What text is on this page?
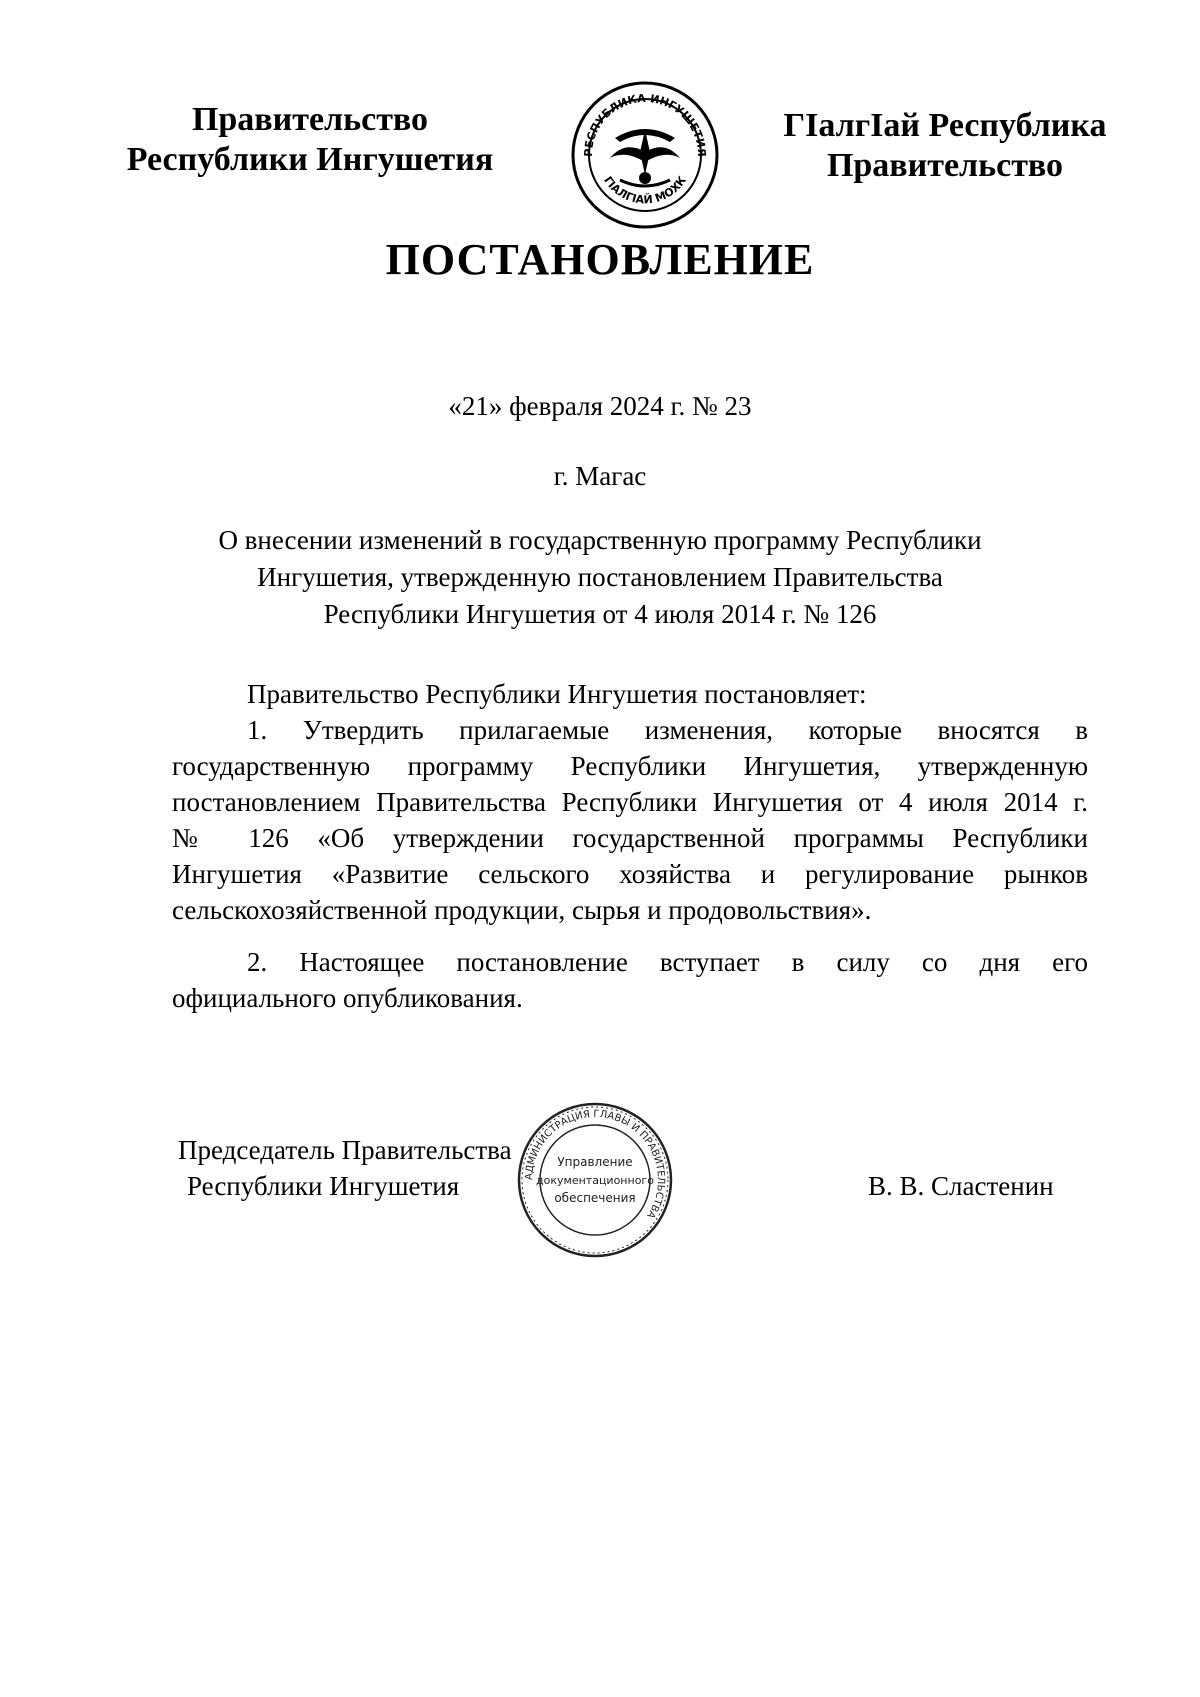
Правительство
Республики Ингушетия	РЕСПУБЛИКА ИНГУШЕТИЯ
ГIАЛГIАЙ МОХК
ГIалгIай Республика
Правительство
ПОСТАНОВЛЕНИЕ
«21» февраля 2024 г. № 23
г. Магас
О внесении изменений в государственную программу Республики
Ингушетия, утвержденную постановлением Правительства
Республики Ингушетия от 4 июля 2014 г. № 126
Правительство Республики Ингушетия постановляет:
1. Утвердить прилагаемые изменения, которые вносятся в
государственную программу Республики Ингушетия, утвержденную
постановлением Правительства Республики Ингушетия от 4 июля 2014 г.
№ 126 «Об утверждении государственной программы Республики
Ингушетия «Развитие сельского хозяйства и регулирование рынков
сельскохозяйственной продукции, сырья и продовольствия».
2. Настоящее постановление вступает в силу со дня его
официального опубликования.
Председатель Правительства
Республики Ингушетия	АДМИНИСТРАЦИЯ ГЛАВЫ И ПРАВИТЕЛЬСТВА
Управление
документационного
обеспечения	В. В. Сластенин
